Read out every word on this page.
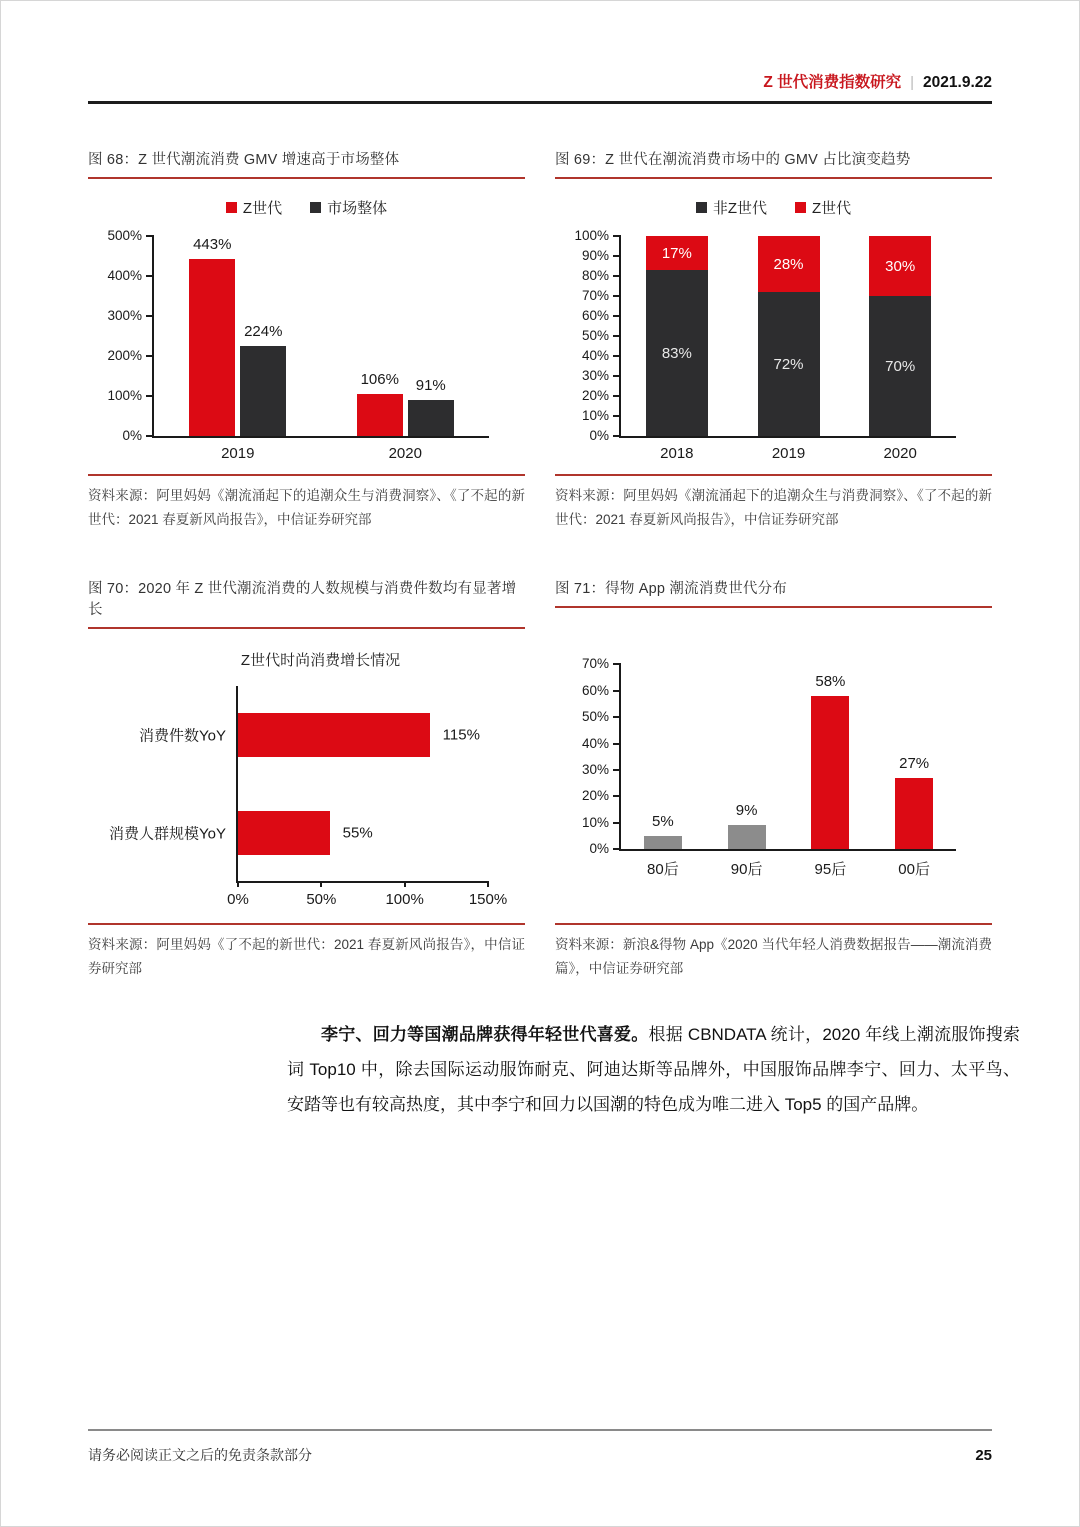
Z 世代消费指数研究 | 2021.9.22
图 68：Z 世代潮流消费 GMV 增速高于市场整体
Z世代	市场整体
0%
100%
200%
300%
400%
500%
2019
443%
224%
2020
106% 91%
资料来源：阿里妈妈《潮流涌起下的追潮众生与消费洞察》、《了不起的新世代：2021 春夏新风尚报告》，中信证券研究部
图 69：Z 世代在潮流消费市场中的 GMV 占比演变趋势
非Z世代	Z世代
0%
10%
20%
30%
40%
50%
60%
70%
80%
90%
100%
2018
83%
17%
2019
72%
28%
2020
70%
30%
资料来源：阿里妈妈《潮流涌起下的追潮众生与消费洞察》、《了不起的新世代：2021 春夏新风尚报告》，中信证券研究部
图 70：2020 年 Z 世代潮流消费的人数规模与消费件数均有显著增长
Z世代时尚消费增长情况
0%	50%	100%	150%
消费件数YoY	115%
消费人群规模YoY	55%
资料来源：阿里妈妈《了不起的新世代：2021 春夏新风尚报告》，中信证券研究部
图 71：得物 App 潮流消费世代分布
0%
10%
20%
30%
40%
50%
60%
70%
80后
5%
90后
9%
95后
58%
00后
27%
资料来源：新浪&得物 App《2020 当代年轻人消费数据报告——潮流消费篇》，中信证券研究部

李宁、回力等国潮品牌获得年轻世代喜爱。根据 CBNDATA 统计，2020 年线上潮流服饰搜索词 Top10 中，除去国际运动服饰耐克、阿迪达斯等品牌外，中国服饰品牌李宁、回力、太平鸟、安踏等也有较高热度，其中李宁和回力以国潮的特色成为唯二进入 Top5 的国产品牌。

请务必阅读正文之后的免责条款部分	25
